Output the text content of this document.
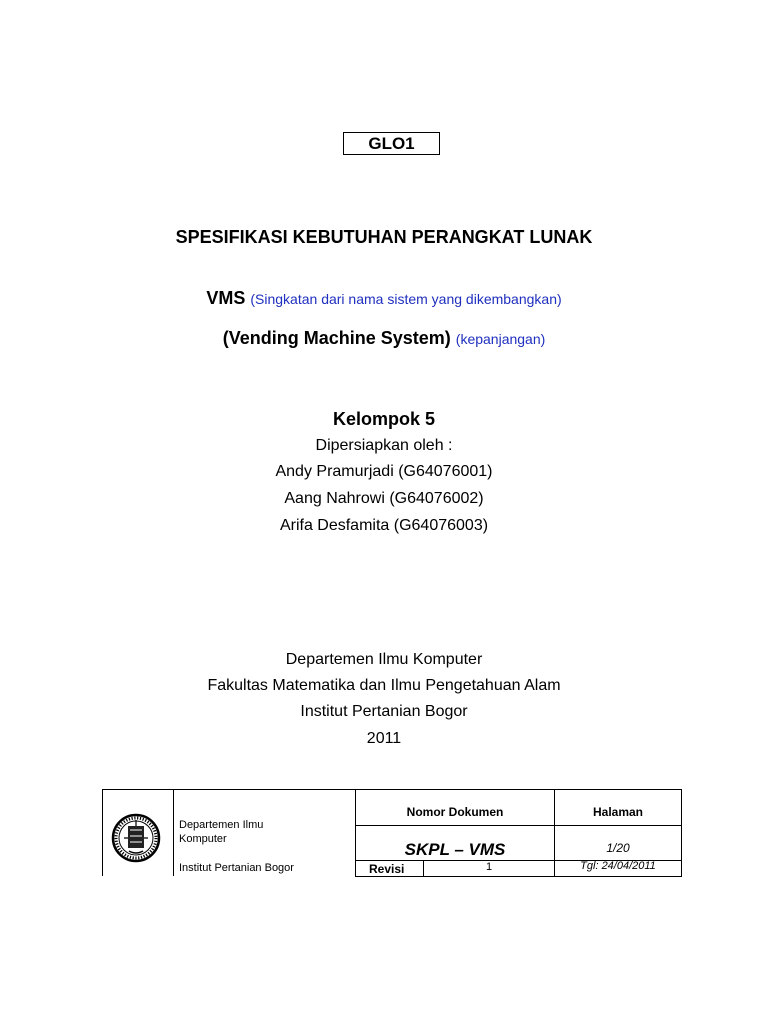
GLO1
SPESIFIKASI KEBUTUHAN PERANGKAT LUNAK
VMS (Singkatan dari nama sistem yang dikembangkan)
(Vending Machine System) (kepanjangan)
Kelompok 5
Dipersiapkan oleh :
Andy Pramurjadi (G64076001)
Aang Nahrowi (G64076002)
Arifa Desfamita (G64076003)
Departemen Ilmu Komputer
Fakultas Matematika dan Ilmu Pengetahuan Alam
Institut Pertanian Bogor
2011
Departemen Ilmu
Komputer
Institut Pertanian Bogor
Nomor Dokumen	Halaman
SKPL – VMS	1/20
Revisi	1	Tgl: 24/04/2011
